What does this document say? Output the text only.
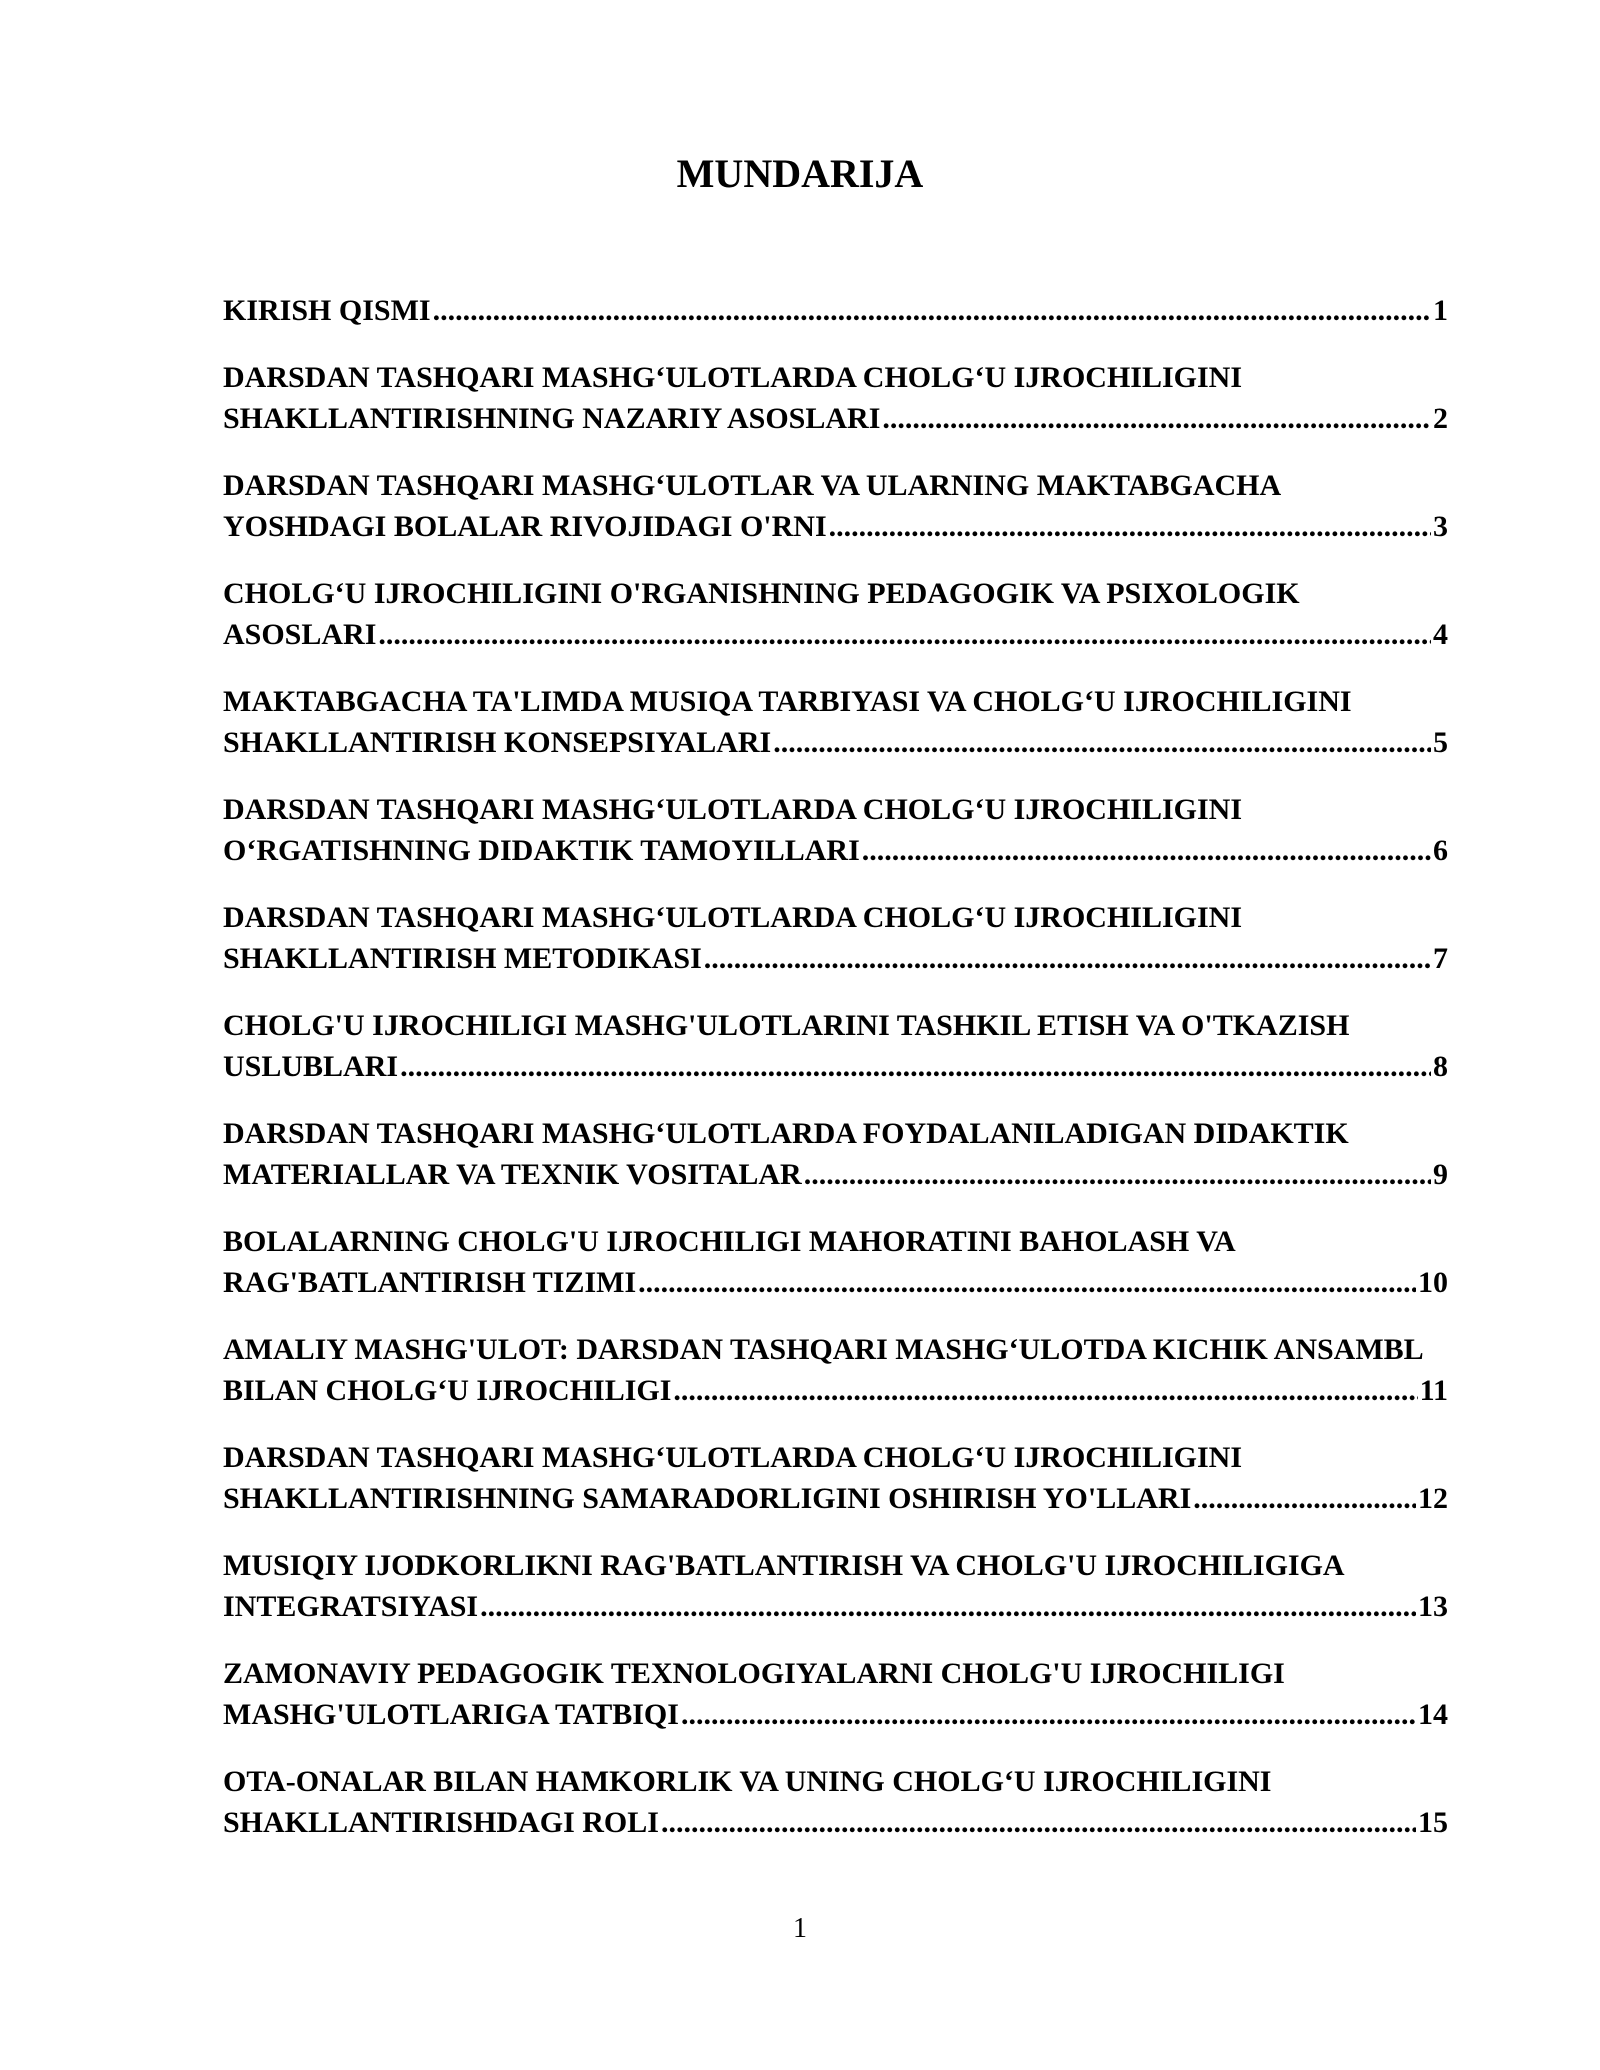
MUNDARIJA
KIRISH QISMI .....	1
DARSDAN TASHQARI MASHG‘ULOTLARDA CHOLG‘U IJROCHILIGINI
SHAKLLANTIRISHNING NAZARIY ASOSLARI .....	2
DARSDAN TASHQARI MASHG‘ULOTLAR VA ULARNING MAKTABGACHA
YOSHDAGI BOLALAR RIVOJIDAGI O'RNI .....	3
CHOLG‘U IJROCHILIGINI O'RGANISHNING PEDAGOGIK VA PSIXOLOGIK
ASOSLARI .....	4
MAKTABGACHA TA'LIMDA MUSIQA TARBIYASI VA CHOLG‘U IJROCHILIGINI
SHAKLLANTIRISH KONSEPSIYALARI .....	5
DARSDAN TASHQARI MASHG‘ULOTLARDA CHOLG‘U IJROCHILIGINI
O‘RGATISHNING DIDAKTIK TAMOYILLARI .....	6
DARSDAN TASHQARI MASHG‘ULOTLARDA CHOLG‘U IJROCHILIGINI
SHAKLLANTIRISH METODIKASI .....	7
CHOLG'U IJROCHILIGI MASHG'ULOTLARINI TASHKIL ETISH VA O'TKAZISH
USLUBLARI .....	8
DARSDAN TASHQARI MASHG‘ULOTLARDA FOYDALANILADIGAN DIDAKTIK
MATERIALLAR VA TEXNIK VOSITALAR .....	9
BOLALARNING CHOLG'U IJROCHILIGI MAHORATINI BAHOLASH VA
RAG'BATLANTIRISH TIZIMI .....	10
AMALIY MASHG'ULOT: DARSDAN TASHQARI MASHG‘ULOTDA KICHIK ANSAMBL
BILAN CHOLG‘U IJROCHILIGI .....	11
DARSDAN TASHQARI MASHG‘ULOTLARDA CHOLG‘U IJROCHILIGINI
SHAKLLANTIRISHNING SAMARADORLIGINI OSHIRISH YO'LLARI .....	12
MUSIQIY IJODKORLIKNI RAG'BATLANTIRISH VA CHOLG'U IJROCHILIGIGA
INTEGRATSIYASI .....	13
ZAMONAVIY PEDAGOGIK TEXNOLOGIYALARNI CHOLG'U IJROCHILIGI
MASHG'ULOTLARIGA TATBIQI .....	14
OTA-ONALAR BILAN HAMKORLIK VA UNING CHOLG‘U IJROCHILIGINI
SHAKLLANTIRISHDAGI ROLI .....	15
1
